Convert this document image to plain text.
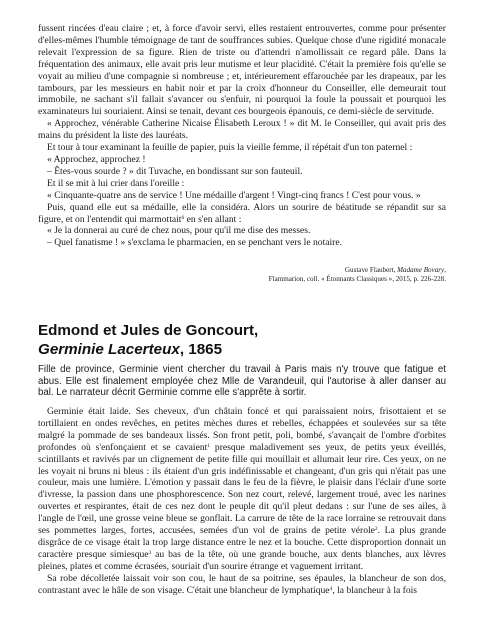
fussent rincées d'eau claire ; et, à force d'avoir servi, elles restaient entrouvertes, comme pour présenter d'elles-mêmes l'humble témoignage de tant de souffrances subies. Quelque chose d'une rigidité monacale relevait l'expression de sa figure. Rien de triste ou d'attendri n'amollissait ce regard pâle. Dans la fréquentation des animaux, elle avait pris leur mutisme et leur placidité. C'était la première fois qu'elle se voyait au milieu d'une compagnie si nombreuse ; et, intérieurement effarouchée par les drapeaux, par les tambours, par les messieurs en habit noir et par la croix d'honneur du Conseiller, elle demeurait tout immobile, ne sachant s'il fallait s'avancer ou s'enfuir, ni pourquoi la foule la poussait et pourquoi les examinateurs lui souriaient. Ainsi se tenait, devant ces bourgeois épanouis, ce demi-siècle de servitude.

« Approchez, vénérable Catherine Nicaise Élisabeth Leroux ! » dit M. le Conseiller, qui avait pris des mains du président la liste des lauréats.

Et tour à tour examinant la feuille de papier, puis la vieille femme, il répétait d'un ton paternel :

« Approchez, approchez !

– Êtes-vous sourde ? » dit Tuvache, en bondissant sur son fauteuil.

Et il se mit à lui crier dans l'oreille :

« Cinquante-quatre ans de service ! Une médaille d'argent ! Vingt-cinq francs ! C'est pour vous. »

Puis, quand elle eut sa médaille, elle la considéra. Alors un sourire de béatitude se répandit sur sa figure, et on l'entendit qui marmottait$^6$ en s'en allant :

« Je la donnerai au curé de chez nous, pour qu'il me dise des messes.

– Quel fanatisme ! » s'exclama le pharmacien, en se penchant vers le notaire.

Gustave Flaubert, Madame Bovary,

Flammarion, coll. « Étonnants Classiques », 2015, p. 226-228.

Edmond et Jules de Goncourt,
Germinie Lacerteux, 1865
Fille de province, Germinie vient chercher du travail à Paris mais n'y trouve que fatigue et abus. Elle est finalement employée chez Mlle de Varandeuil, qui l'autorise à aller danser au bal. Le narrateur décrit Germinie comme elle s'apprête à sortir.

Germinie était laide. Ses cheveux, d'un châtain foncé et qui paraissaient noirs, frisottaient et se tortillaient en ondes revêches, en petites mèches dures et rebelles, échappées et soulevées sur sa tête malgré la pommade de ses bandeaux lissés. Son front petit, poli, bombé, s'avançait de l'ombre d'orbites profondes où s'enfonçaient et se cavaient$^1$ presque maladivement ses yeux, de petits yeux éveillés, scintillants et ravivés par un clignement de petite fille qui mouillait et allumait leur rire. Ces yeux, on ne les voyait ni bruns ni bleus : ils étaient d'un gris indéfinissable et changeant, d'un gris qui n'était pas une couleur, mais une lumière. L'émotion y passait dans le feu de la fièvre, le plaisir dans l'éclair d'une sorte d'ivresse, la passion dans une phosphorescence. Son nez court, relevé, largement troué, avec les narines ouvertes et respirantes, était de ces nez dont le peuple dit qu'il pleut dedans : sur l'une de ses ailes, à l'angle de l'œil, une grosse veine bleue se gonflait. La carrure de tête de la race lorraine se retrouvait dans ses pommettes larges, fortes, accusées, semées d'un vol de grains de petite vérole$^2$. La plus grande disgrâce de ce visage était la trop large distance entre le nez et la bouche. Cette disproportion donnait un caractère presque simiesque$^3$ au bas de la tête, où une grande bouche, aux dents blanches, aux lèvres pleines, plates et comme écrasées, souriait d'un sourire étrange et vaguement irritant.

Sa robe décolletée laissait voir son cou, le haut de sa poitrine, ses épaules, la blancheur de son dos, contrastant avec le hâle de son visage. C'était une blancheur de lymphatique$^4$, la blancheur à la fois
